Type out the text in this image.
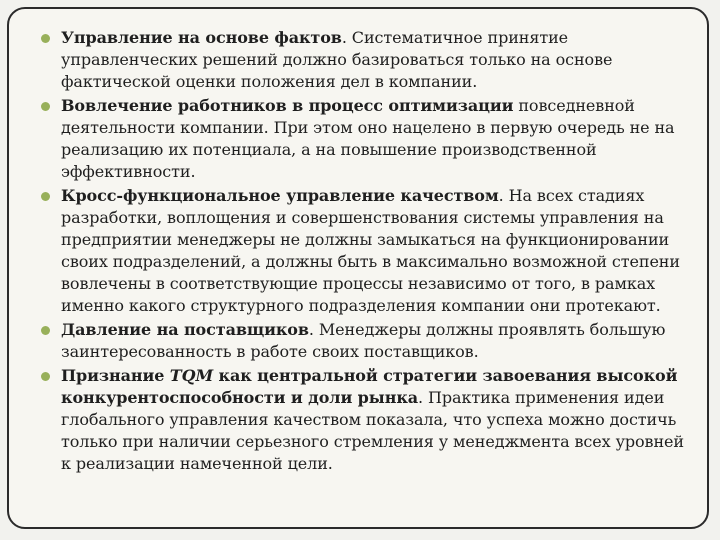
Управление на основе фактов. Систематичное принятие управленческих решений должно базироваться только на основе фактической оценки положения дел в компании.
Вовлечение работников в процесс оптимизации повседневной деятельности компании. При этом оно нацелено в первую очередь не на реализацию их потенциала, а на повышение производственной эффективности.
Кросс-функциональное управление качеством. На всех стадиях разработки, воплощения и совершенствования системы управления на предприятии менеджеры не должны замыкаться на функционировании своих подразделений, а должны быть в максимально возможной степени вовлечены в соответствующие процессы независимо от того, в рамках именно какого структурного подразделения компании они протекают.
Давление на поставщиков. Менеджеры должны проявлять большую заинтересованность в работе своих поставщиков.
Признание TQM как центральной стратегии завоевания высокой конкурентоспособности и доли рынка. Практика применения идеи глобального управления качеством показала, что успеха можно достичь только при наличии серьезного стремления у менеджмента всех уровней к реализации намеченной цели.
